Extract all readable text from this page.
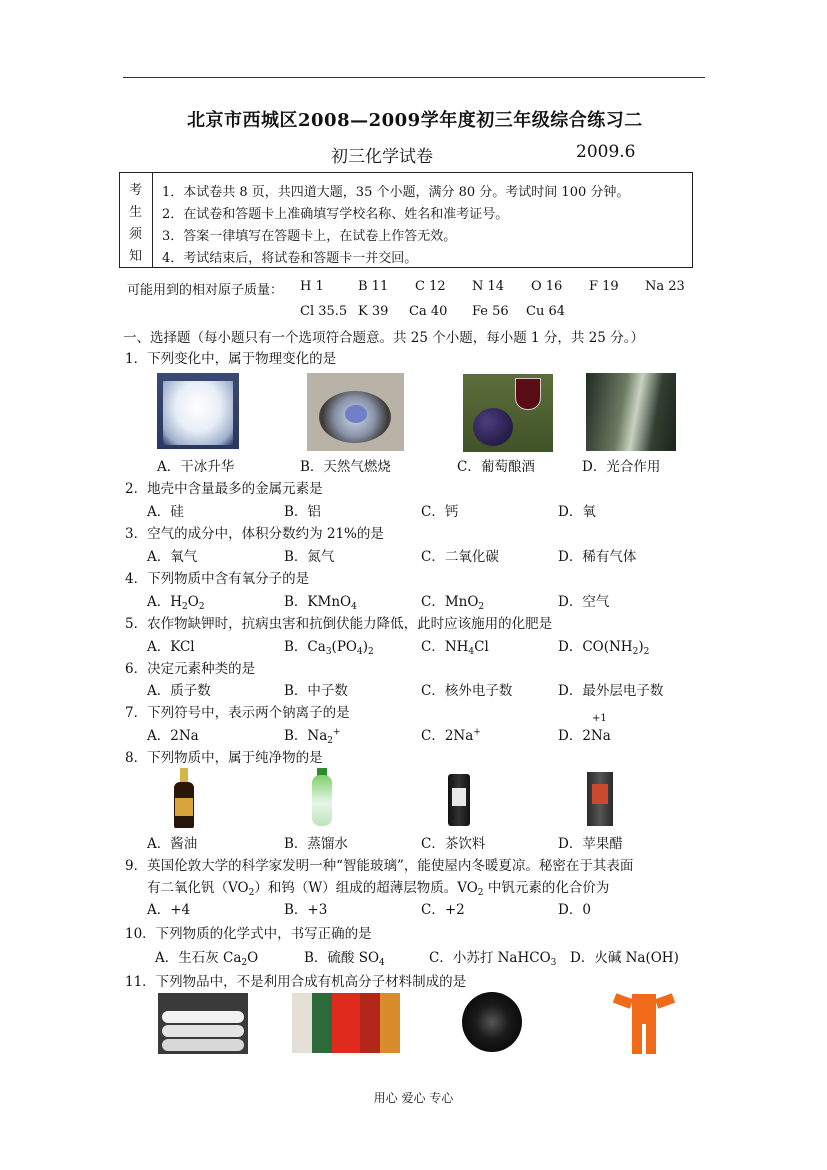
北京市西城区2008—2009学年度初三年级综合练习二
初三化学试卷	2009.6
考
生
须
知
1．本试卷共 8 页，共四道大题，35 个小题，满分 80 分。考试时间 100 分钟。
2．在试卷和答题卡上准确填写学校名称、姓名和准考证号。
3．答案一律填写在答题卡上，在试卷上作答无效。
4．考试结束后，将试卷和答题卡一并交回。
可能用到的相对原子质量： H 1	B 11 C 12 N 14 O 16 F 19 Na 23
Cl 35.5 K 39 Ca 40 Fe 56 Cu 64
一、选择题（每小题只有一个选项符合题意。共 25 个小题，每小题 1 分，共 25 分。）
1．下列变化中，属于物理变化的是
A．干冰升华	B．天然气燃烧	C．葡萄酿酒	D．光合作用
2．地壳中含量最多的金属元素是
A．硅	B．铝	C．钙	D．氧
3．空气的成分中，体积分数约为 21%的是
A．氧气	B．氮气	C．二氧化碳	D．稀有气体
4．下列物质中含有氧分子的是
A．$H_2O_2$	B．KMnO$_4$	C．MnO$_2$	D．空气
5．农作物缺钾时，抗病虫害和抗倒伏能力降低，此时应该施用的化肥是
A．KCl	B．$Ca_3(PO_4)_2$	C．$NH_4Cl$	D．$CO(NH_2)_2$
6．决定元素种类的是
A．质子数	B．中子数	C．核外电子数	D．最外层电子数
7．下列符号中，表示两个钠离子的是
A．2Na	B．$Na_2^+$	C．2Na+	D．2Na
+1
8．下列物质中，属于纯净物的是
A．酱油	B．蒸馏水	C．茶饮料	D．苹果醋
9．英国伦敦大学的科学家发明一种“智能玻璃”，能使屋内冬暖夏凉。秘密在于其表面
有二氧化钒$(VO_2)$和钨（W）组成的超薄层物质。$VO_2$ 中钒元素的化合价为
A．+4	B．+3	C．+2	D．0
10．下列物质的化学式中，书写正确的是
A．生石灰 $Ca_2O$	B．硫酸 $SO_4$	C．小苏打 NaHCO$_3$ D．火碱 Na(OH)
11．下列物品中，不是利用合成有机高分子材料制成的是
用心 爱心 专心
